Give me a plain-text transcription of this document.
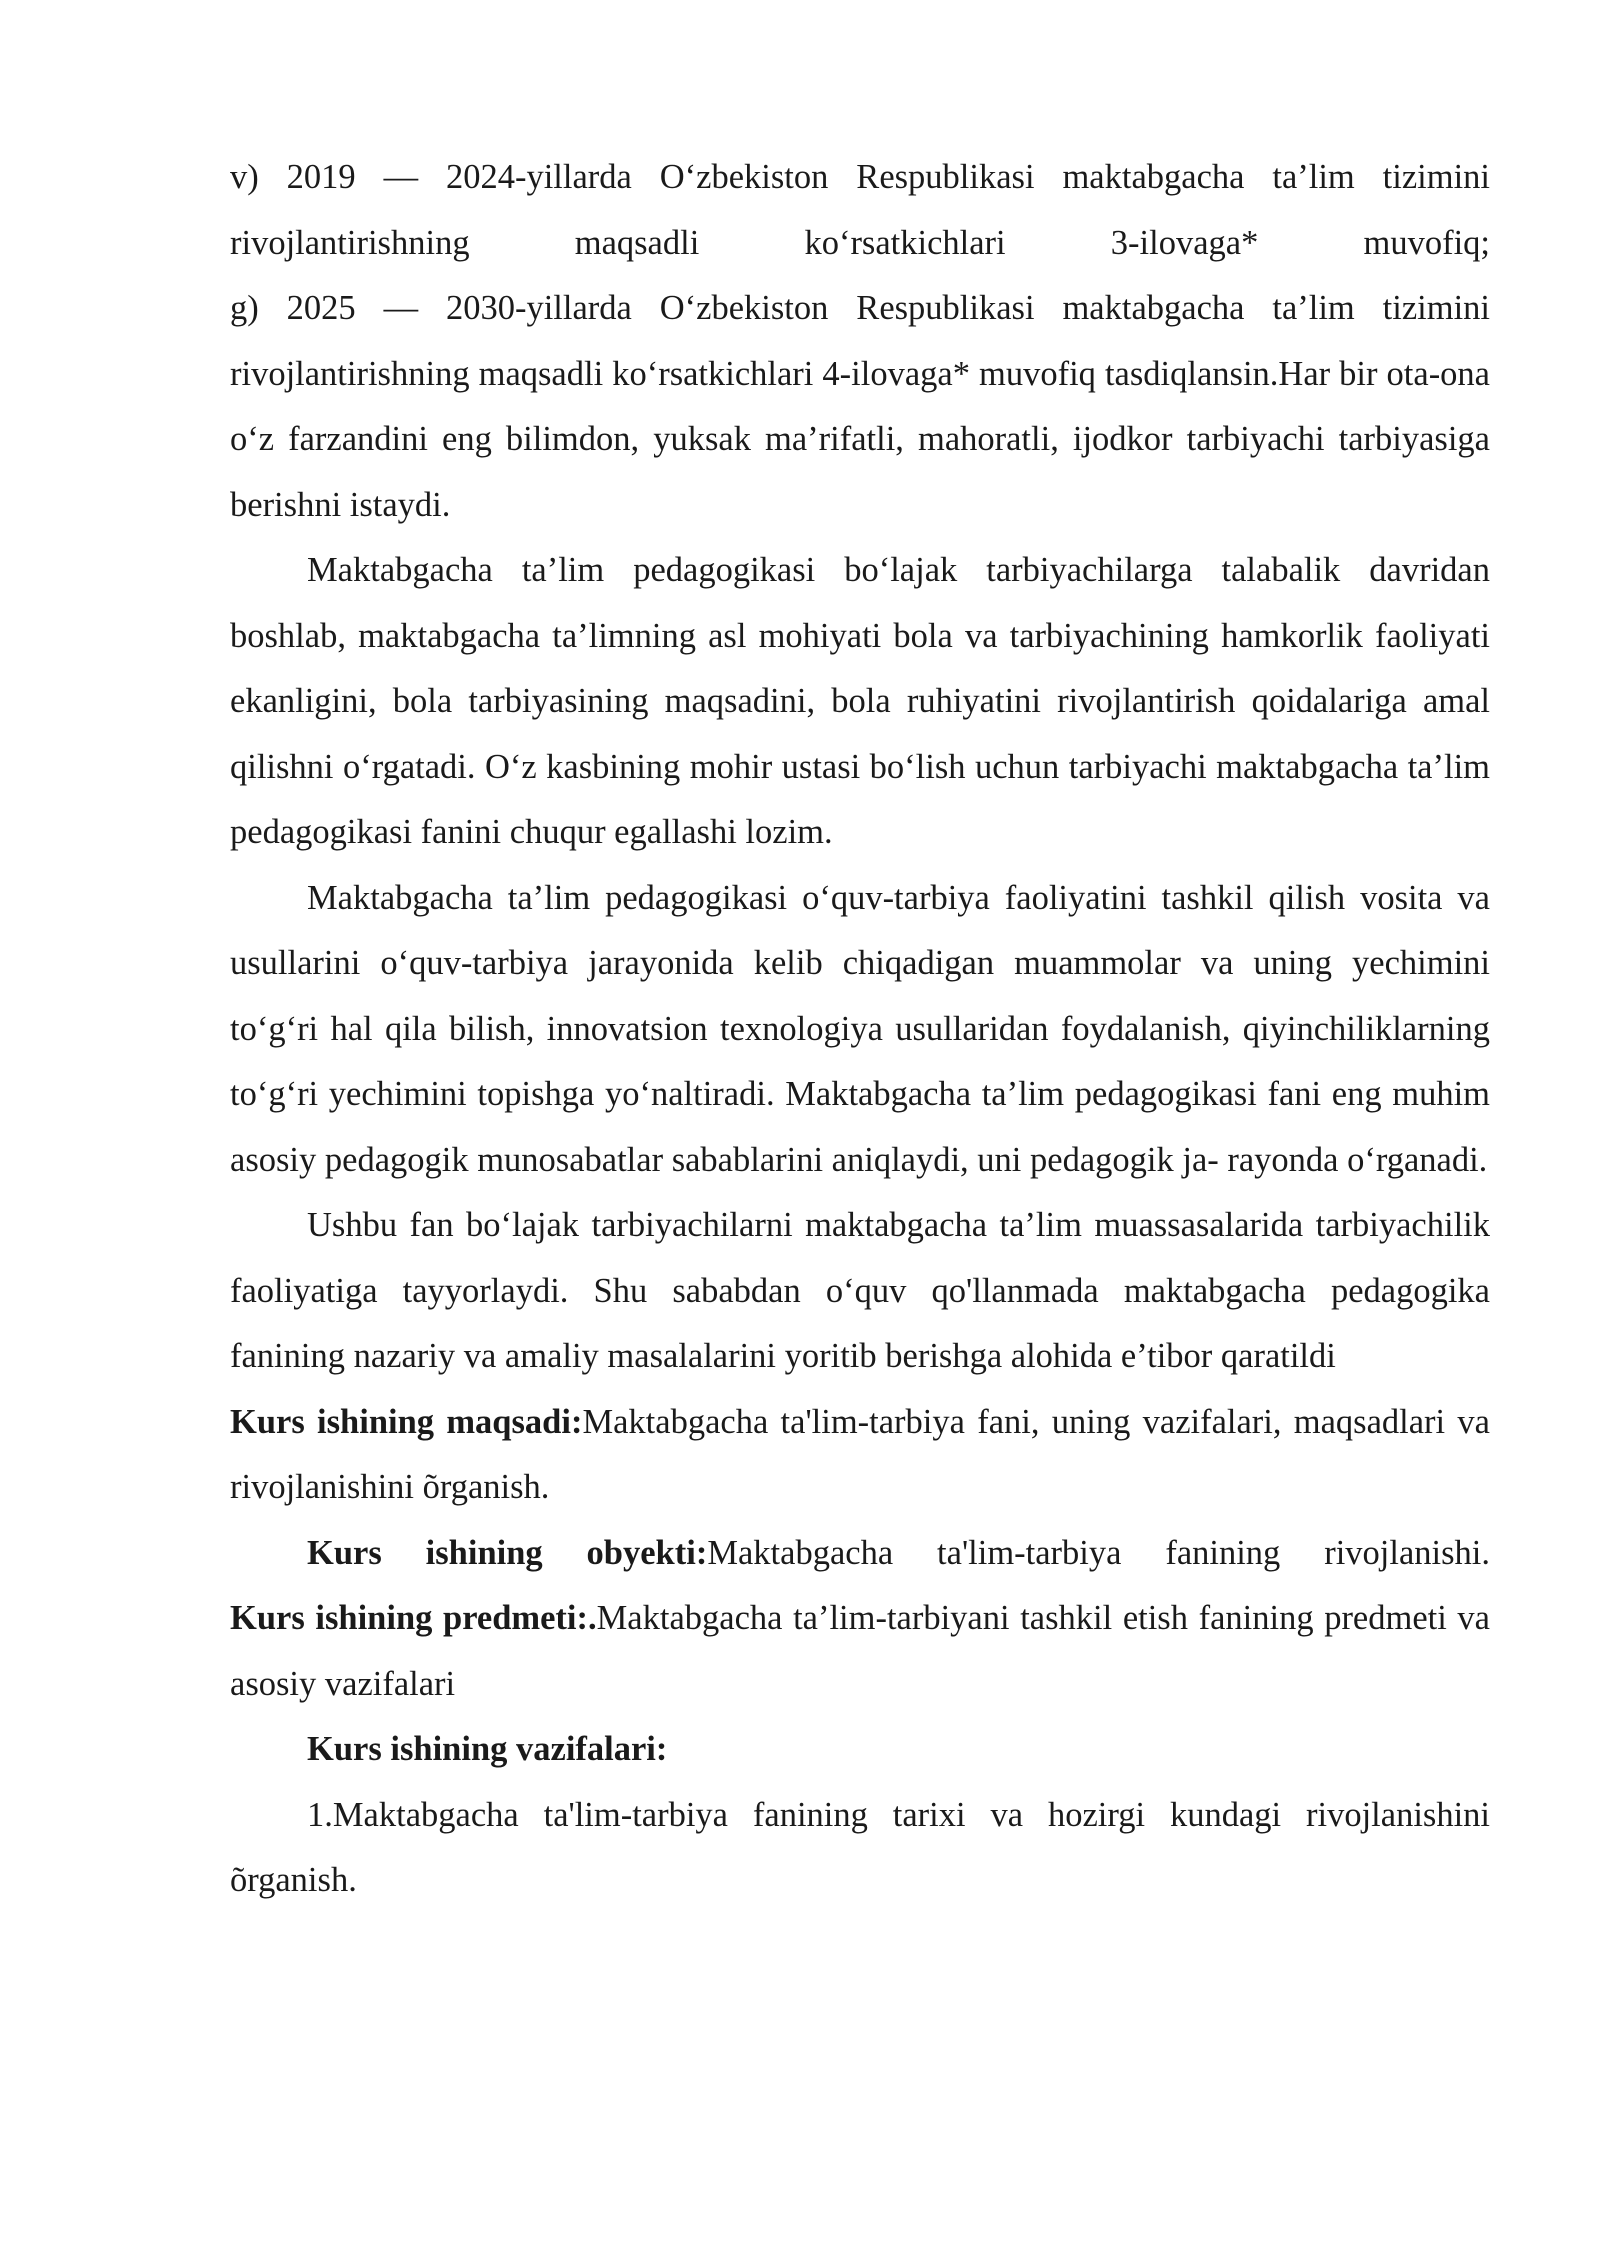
v) 2019 — 2024-yillarda O‘zbekiston Respublikasi maktabgacha ta’lim tizimini rivojlantirishning maqsadli ko‘rsatkichlari 3-ilovaga* muvofiq;
g) 2025 — 2030-yillarda O‘zbekiston Respublikasi maktabgacha ta’lim tizimini rivojlantirishning maqsadli ko‘rsatkichlari 4-ilovaga* muvofiq tasdiqlansin.Har bir ota-ona o‘z farzandini eng bilimdon, yuksak ma’rifatli, mahoratli, ijodkor tarbiyachi tarbiyasiga berishni istaydi.

Maktabgacha ta’lim pedagogikasi bo‘lajak tarbiyachilarga talabalik davridan boshlab, maktabgacha ta’limning asl mohiyati bola va tarbiyachining hamkorlik faoliyati ekanligini, bola tarbiyasining maqsadini, bola ruhiyatini rivojlantirish qoidalariga amal qilishni o‘rgatadi. O‘z kasbining mohir ustasi bo‘lish uchun tarbiyachi maktabgacha ta’lim pedagogikasi fanini chuqur egallashi lozim.

Maktabgacha ta’lim pedagogikasi o‘quv-tarbiya faoliyatini tashkil qilish vosita va usullarini o‘quv-tarbiya jarayonida kelib chiqadigan muammolar va uning yechimini to‘g‘ri hal qila bilish, innovatsion texnologiya usullaridan foydalanish, qiyinchiliklarning to‘g‘ri yechimini topishga yo‘naltiradi. Maktabgacha ta’lim pedagogikasi fani eng muhim asosiy pedagogik munosabatlar sabablarini aniqlaydi, uni pedagogik ja- rayonda o‘rganadi.

Ushbu fan bo‘lajak tarbiyachilarni maktabgacha ta’lim muassasalarida tarbiyachilik faoliyatiga tayyorlaydi. Shu sababdan o‘quv qo'llanmada maktabgacha pedagogika fanining nazariy va amaliy masalalarini yoritib berishga alohida e’tibor qaratildi

Kurs ishining maqsadi:Maktabgacha ta'lim-tarbiya fani, uning vazifalari, maqsadlari va rivojlanishini õrganish.

Kurs ishining obyekti:Maktabgacha ta'lim-tarbiya fanining rivojlanishi.

Kurs ishining predmeti:.Maktabgacha ta’lim-tarbiyani tashkil etish fanining predmeti va asosiy vazifalari

Kurs ishining vazifalari:

1.Maktabgacha ta'lim-tarbiya fanining tarixi va hozirgi kundagi rivojlanishini õrganish.
